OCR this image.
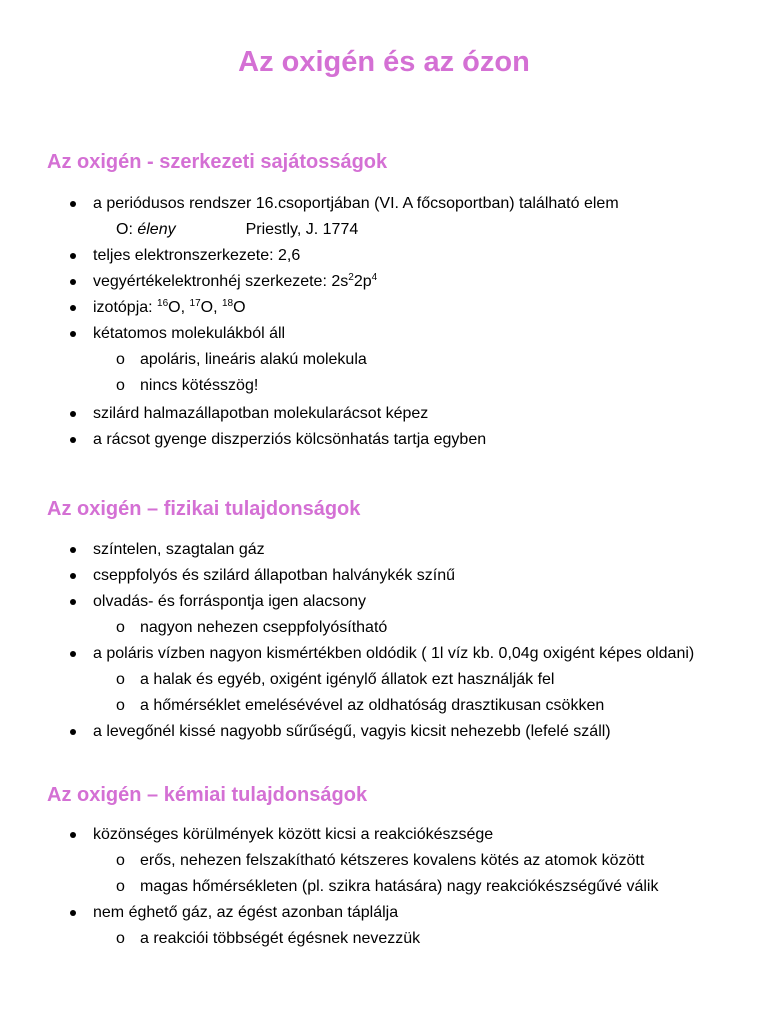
Az oxigén és az ózon
Az oxigén - szerkezeti sajátosságok
a periódusos rendszer 16.csoportjában (VI. A főcsoportban) található elem
O: éleny	Priestly, J. 1774
teljes elektronszerkezete: 2,6
vegyértékelektronhéj szerkezete: $2s^22p^4$
izotópja: $^{16}$O, $^{17}$O, $^{18}$O
kétatomos molekulákból áll
o apoláris, lineáris alakú molekula
o nincs kötésszög!
szilárd halmazállapotban molekularácsot képez
a rácsot gyenge diszperziós kölcsönhatás tartja egyben
Az oxigén – fizikai tulajdonságok
színtelen, szagtalan gáz
cseppfolyós és szilárd állapotban halványkék színű
olvadás- és forráspontja igen alacsony
o nagyon nehezen cseppfolyósítható
a poláris vízben nagyon kismértékben oldódik ( 1l víz kb. 0,04g oxigént képes oldani)
o a halak és egyéb, oxigént igénylő állatok ezt használják fel
o a hőmérséklet emelésévével az oldhatóság drasztikusan csökken
a levegőnél kissé nagyobb sűrűségű, vagyis kicsit nehezebb (lefelé száll)
Az oxigén – kémiai tulajdonságok
közönséges körülmények között kicsi a reakciókészsége
o erős, nehezen felszakítható kétszeres kovalens kötés az atomok között
o magas hőmérsékleten (pl. szikra hatására) nagy reakciókészségűvé válik
nem éghető gáz, az égést azonban táplálja
o a reakciói többségét égésnek nevezzük
